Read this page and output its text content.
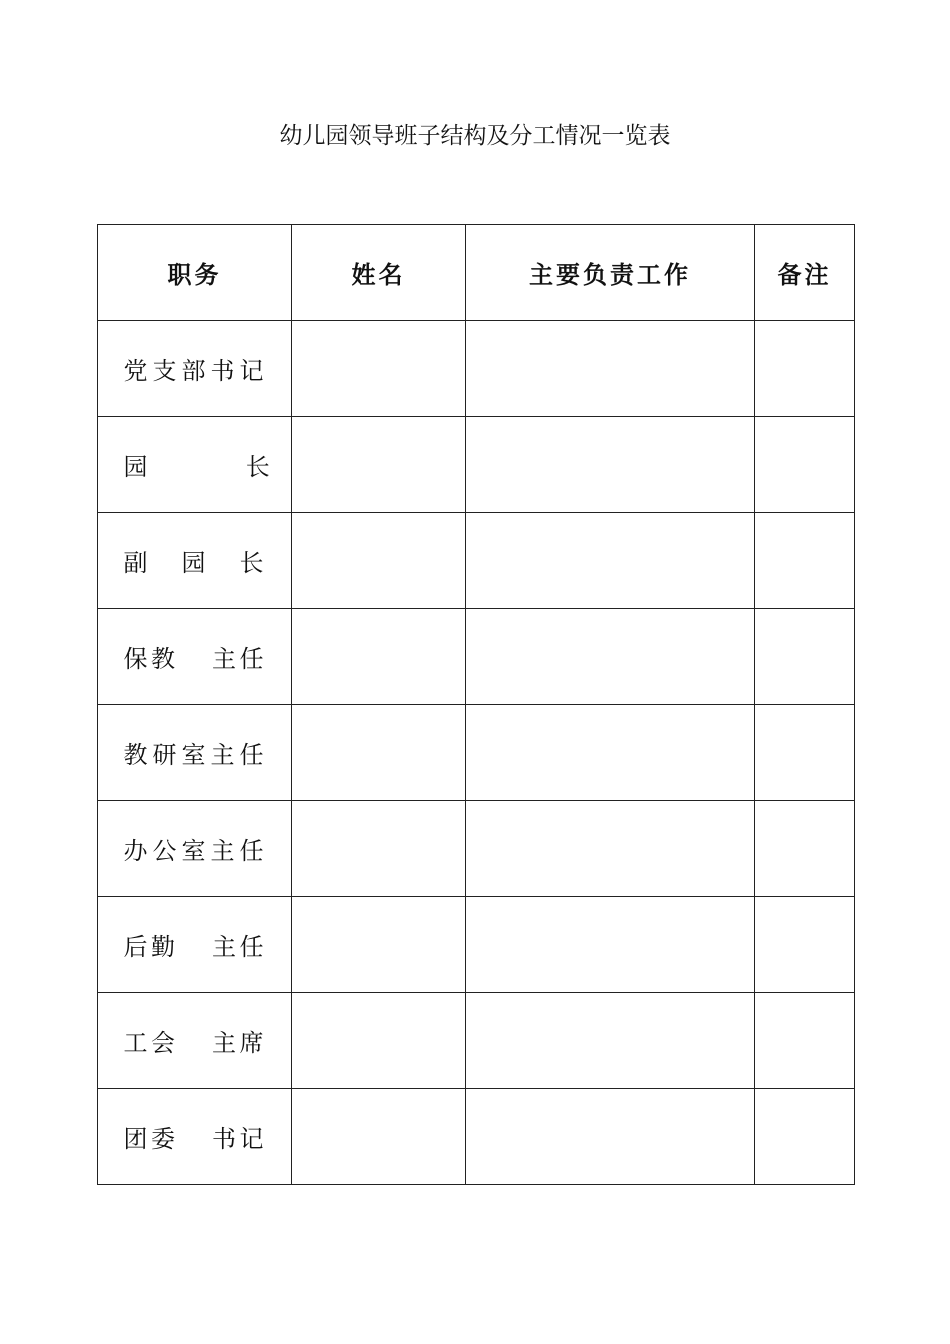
幼儿园领导班子结构及分工情况一览表
职务	姓名	主要负责工作	备注
党支部书记			
园          长			
副   园   长			
保教   主任			
教研室主任			
办公室主任			
后勤   主任			
工会   主席			
团委   书记			
